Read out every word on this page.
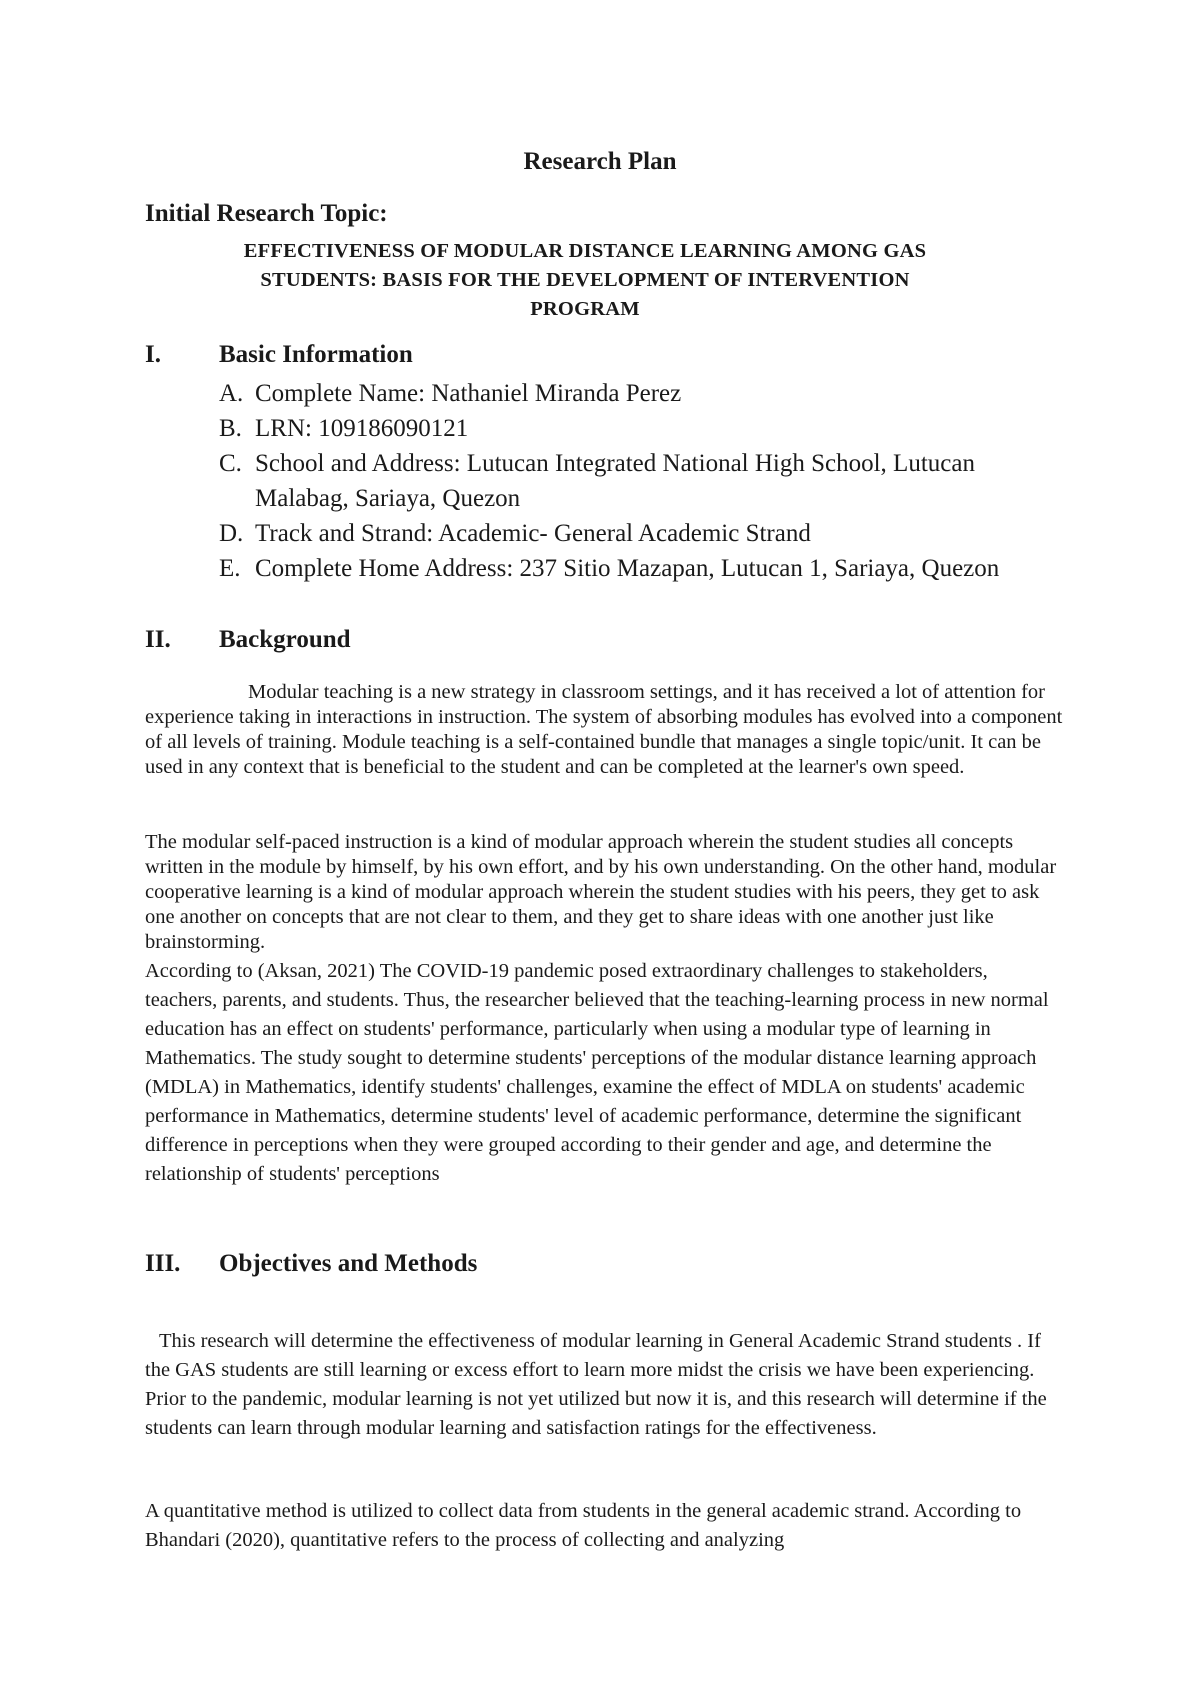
Research Plan
Initial Research Topic:
EFFECTIVENESS OF MODULAR DISTANCE LEARNING AMONG GAS
STUDENTS: BASIS FOR THE DEVELOPMENT OF INTERVENTION
PROGRAM
I. Basic Information
A. Complete Name: Nathaniel Miranda Perez
B. LRN: 109186090121
C. School and Address: Lutucan Integrated National High School, Lutucan Malabag, Sariaya, Quezon
D. Track and Strand: Academic- General Academic Strand
E. Complete Home Address: 237 Sitio Mazapan, Lutucan 1, Sariaya, Quezon
II. Background

Modular teaching is a new strategy in classroom settings, and it has received a lot of attention for experience taking in interactions in instruction. The system of absorbing modules has evolved into a component of all levels of training. Module teaching is a self-contained bundle that manages a single topic/unit. It can be used in any context that is beneficial to the student and can be completed at the learner's own speed.

The modular self-paced instruction is a kind of modular approach wherein the student studies all concepts written in the module by himself, by his own effort, and by his own understanding. On the other hand, modular cooperative learning is a kind of modular approach wherein the student studies with his peers, they get to ask one another on concepts that are not clear to them, and they get to share ideas with one another just like brainstorming.

According to (Aksan, 2021) The COVID-19 pandemic posed extraordinary challenges to stakeholders, teachers, parents, and students. Thus, the researcher believed that the teaching-learning process in new normal education has an effect on students' performance, particularly when using a modular type of learning in Mathematics. The study sought to determine students' perceptions of the modular distance learning approach (MDLA) in Mathematics, identify students' challenges, examine the effect of MDLA on students' academic performance in Mathematics, determine students' level of academic performance, determine the significant difference in perceptions when they were grouped according to their gender and age, and determine the relationship of students' perceptions

III. Objectives and Methods

This research will determine the effectiveness of modular learning in General Academic Strand students . If the GAS students are still learning or excess effort to learn more midst the crisis we have been experiencing. Prior to the pandemic, modular learning is not yet utilized but now it is, and this research will determine if the students can learn through modular learning and satisfaction ratings for the effectiveness.

A quantitative method is utilized to collect data from students in the general academic strand. According to Bhandari (2020), quantitative refers to the process of collecting and analyzing
